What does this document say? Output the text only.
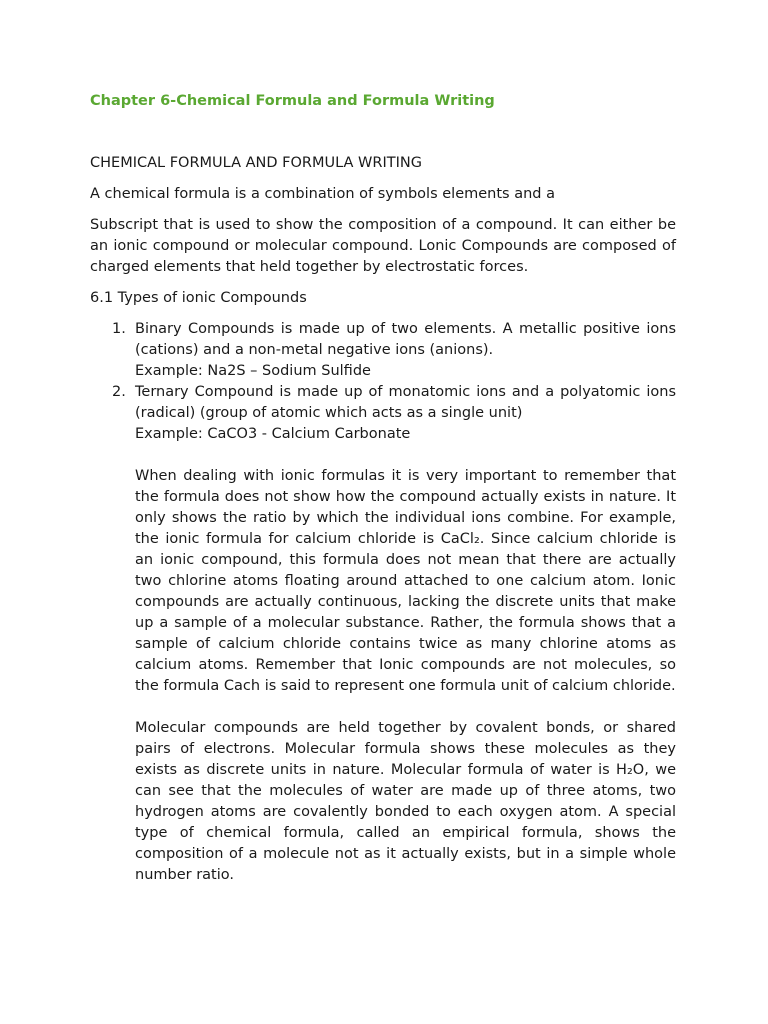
Chapter 6-Chemical Formula and Formula Writing

CHEMICAL FORMULA AND FORMULA WRITING

A chemical formula is a combination of symbols elements and a

Subscript that is used to show the composition of a compound. It can either be an ionic compound or molecular compound. Lonic Compounds are composed of charged elements that held together by electrostatic forces.

6.1 Types of ionic Compounds

1. Binary Compounds is made up of two elements. A metallic positive ions (cations) and a non-metal negative ions (anions).
Example: Na2S – Sodium Sulfide
2. Ternary Compound is made up of monatomic ions and a polyatomic ions (radical) (group of atomic which acts as a single unit)
Example: CaCO3 - Calcium Carbonate

When dealing with ionic formulas it is very important to remember that the formula does not show how the compound actually exists in nature. It only shows the ratio by which the individual ions combine. For example, the ionic formula for calcium chloride is CaCl₂. Since calcium chloride is an ionic compound, this formula does not mean that there are actually two chlorine atoms floating around attached to one calcium atom. Ionic compounds are actually continuous, lacking the discrete units that make up a sample of a molecular substance. Rather, the formula shows that a sample of calcium chloride contains twice as many chlorine atoms as calcium atoms. Remember that Ionic compounds are not molecules, so the formula Cach is said to represent one formula unit of calcium chloride.

Molecular compounds are held together by covalent bonds, or shared pairs of electrons. Molecular formula shows these molecules as they exists as discrete units in nature. Molecular formula of water is H₂O, we can see that the molecules of water are made up of three atoms, two hydrogen atoms are covalently bonded to each oxygen atom. A special type of chemical formula, called an empirical formula, shows the composition of a molecule not as it actually exists, but in a simple whole number ratio.
